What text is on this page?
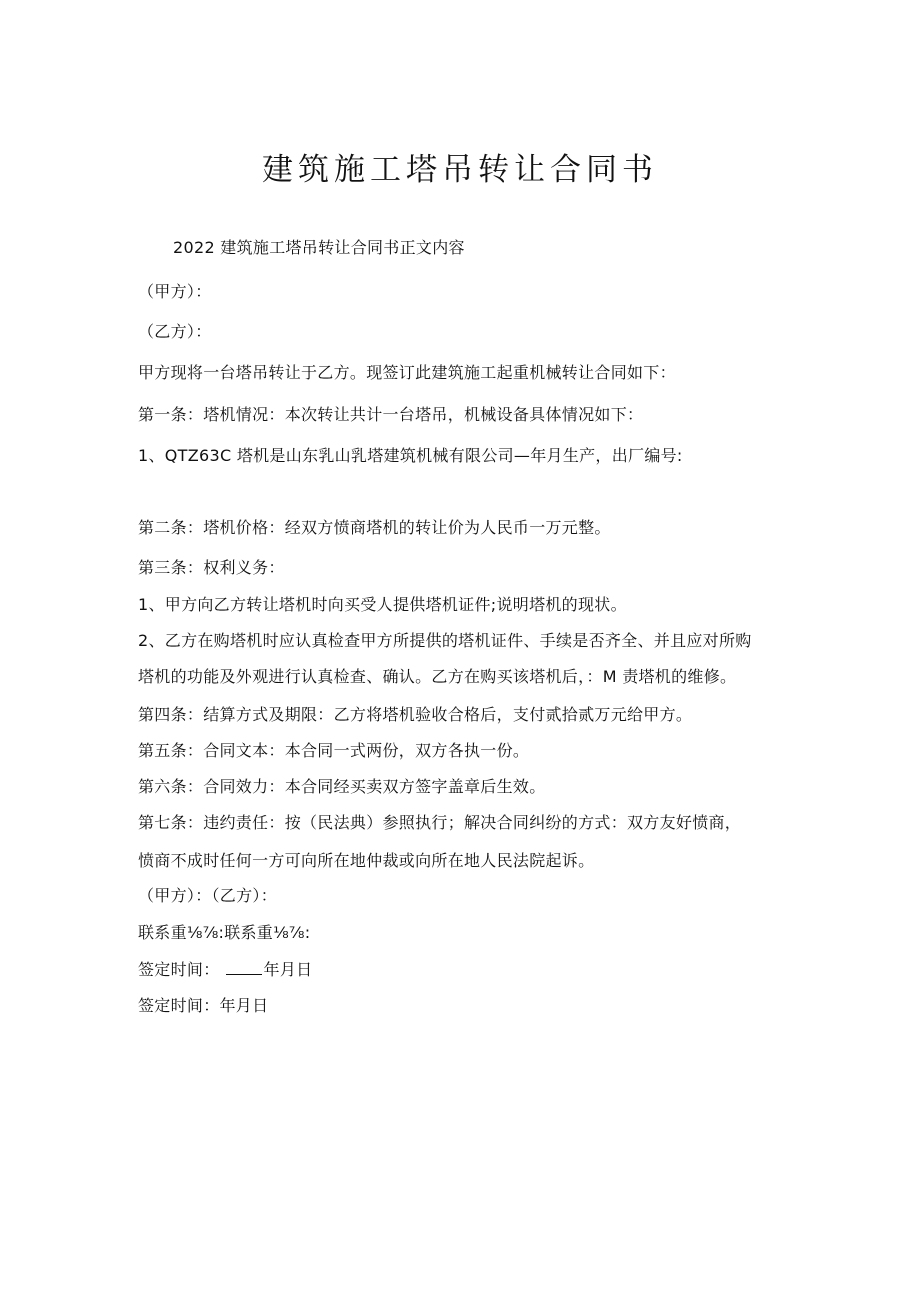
建筑施工塔吊转让合同书
2022 建筑施工塔吊转让合同书正文内容
（甲方）：
（乙方）：
甲方现将一台塔吊转让于乙方。现签订此建筑施工起重机械转让合同如下：
第一条：塔机情况：本次转让共计一台塔吊，机械设备具体情况如下：
1、QTZ63C 塔机是山东乳山乳塔建筑机械有限公司—年月生产，出厂编号:
第二条：塔机价格：经双方愤商塔机的转让价为人民币一万元整。
第三条：权利义务：
1、甲方向乙方转让塔机时向买受人提供塔机证件;说明塔机的现状。
2、乙方在购塔机时应认真检查甲方所提供的塔机证件、手续是否齐全、并且应对所购
塔机的功能及外观进行认真检查、确认。乙方在购买该塔机后，：M 责塔机的维修。
第四条：结算方式及期限：乙方将塔机验收合格后，支付贰拾贰万元给甲方。
第五条：合同文本：本合同一式两份，双方各执一份。
第六条：合同效力：本合同经买卖双方签字盖章后生效。
第七条：违约责任：按（民法典）参照执行；解决合同纠纷的方式：双方友好愤商，
愤商不成时任何一方可向所在地仲裁或向所在地人民法院起诉。
（甲方）：（乙方）：
联系重⅛⅞:联系重⅛⅞:
签定时间：	年月日
签定时间：年月日
